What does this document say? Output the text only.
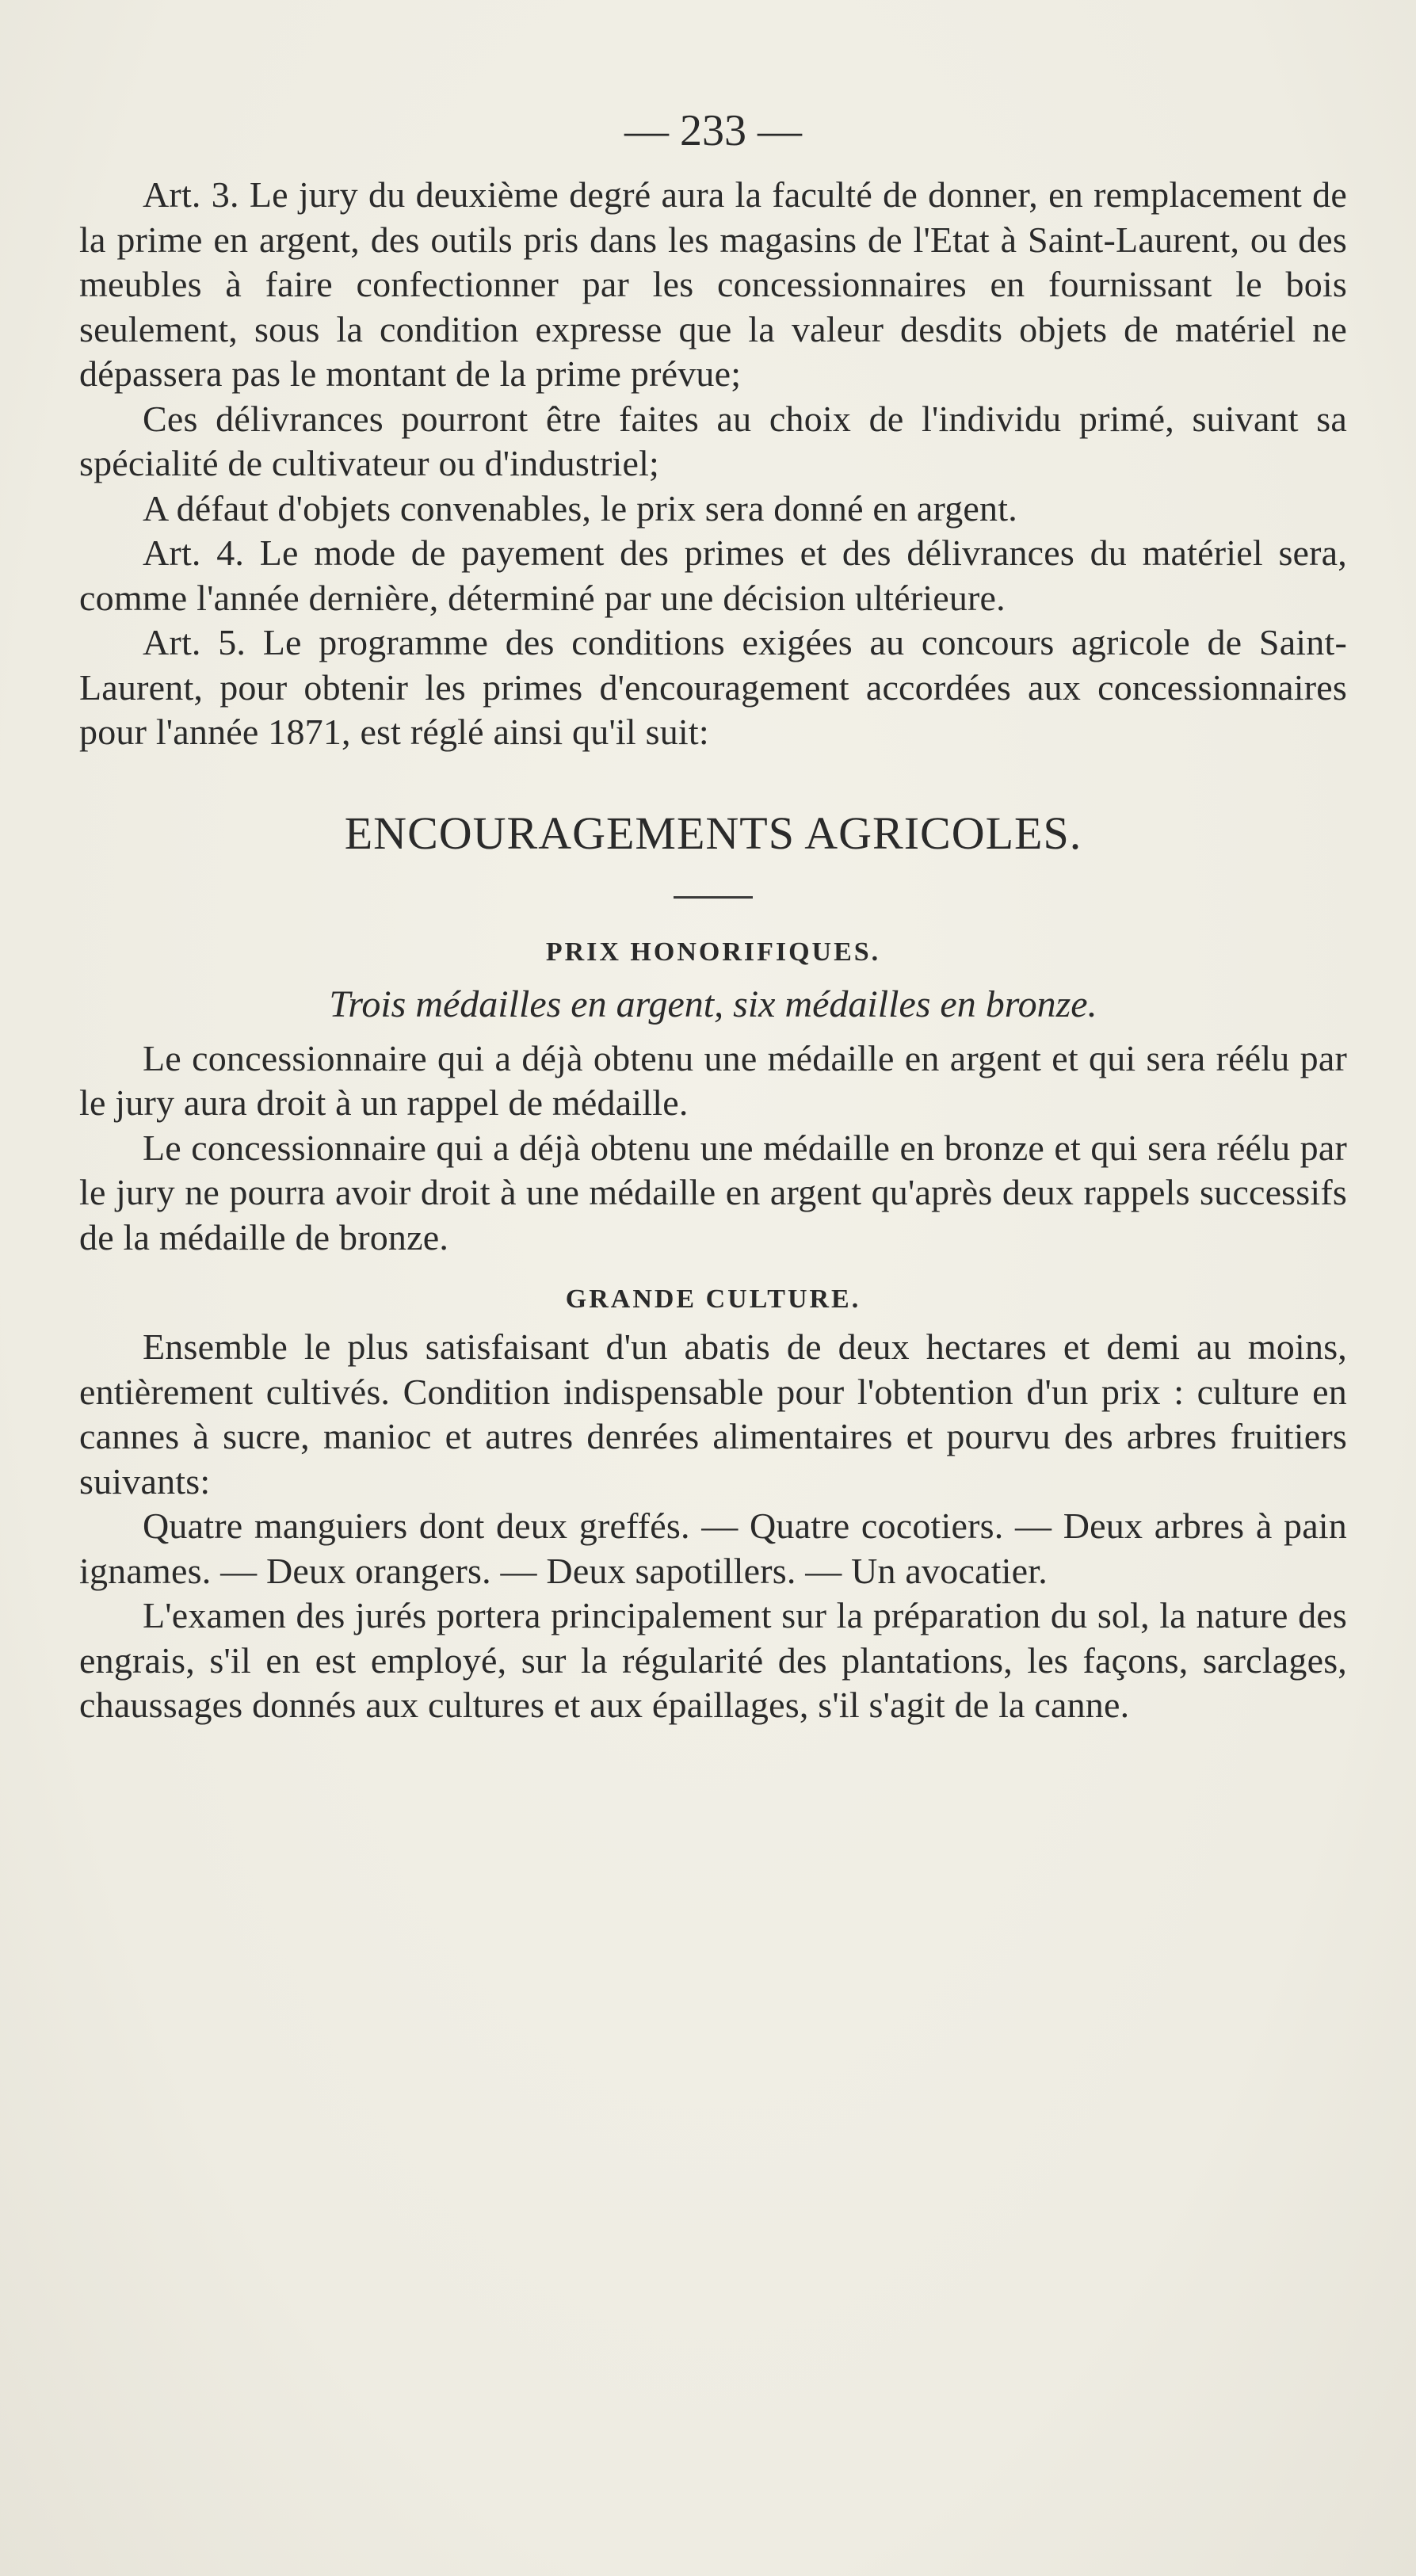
— 233 —

Art. 3. Le jury du deuxième degré aura la faculté de donner, en remplacement de la prime en argent, des outils pris dans les magasins de l'Etat à Saint-Laurent, ou des meubles à faire confectionner par les concessionnaires en fournissant le bois seulement, sous la condition expresse que la valeur desdits objets de matériel ne dépassera pas le montant de la prime prévue;

Ces délivrances pourront être faites au choix de l'individu primé, suivant sa spécialité de cultivateur ou d'industriel;

A défaut d'objets convenables, le prix sera donné en argent.

Art. 4. Le mode de payement des primes et des délivrances du matériel sera, comme l'année dernière, déterminé par une décision ultérieure.

Art. 5. Le programme des conditions exigées au concours agricole de Saint-Laurent, pour obtenir les primes d'encouragement accordées aux concessionnaires pour l'année 1871, est réglé ainsi qu'il suit:

ENCOURAGEMENTS AGRICOLES.
PRIX HONORIFIQUES.
Trois médailles en argent, six médailles en bronze.

Le concessionnaire qui a déjà obtenu une médaille en argent et qui sera réélu par le jury aura droit à un rappel de médaille.

Le concessionnaire qui a déjà obtenu une médaille en bronze et qui sera réélu par le jury ne pourra avoir droit à une médaille en argent qu'après deux rappels successifs de la médaille de bronze.

GRANDE CULTURE.

Ensemble le plus satisfaisant d'un abatis de deux hectares et demi au moins, entièrement cultivés. Condition indispensable pour l'obtention d'un prix : culture en cannes à sucre, manioc et autres denrées alimentaires et pourvu des arbres fruitiers suivants:

Quatre manguiers dont deux greffés. — Quatre cocotiers. — Deux arbres à pain ignames. — Deux orangers. — Deux sapotillers. — Un avocatier.

L'examen des jurés portera principalement sur la préparation du sol, la nature des engrais, s'il en est employé, sur la régularité des plantations, les façons, sarclages, chaussages donnés aux cultures et aux épaillages, s'il s'agit de la canne.
